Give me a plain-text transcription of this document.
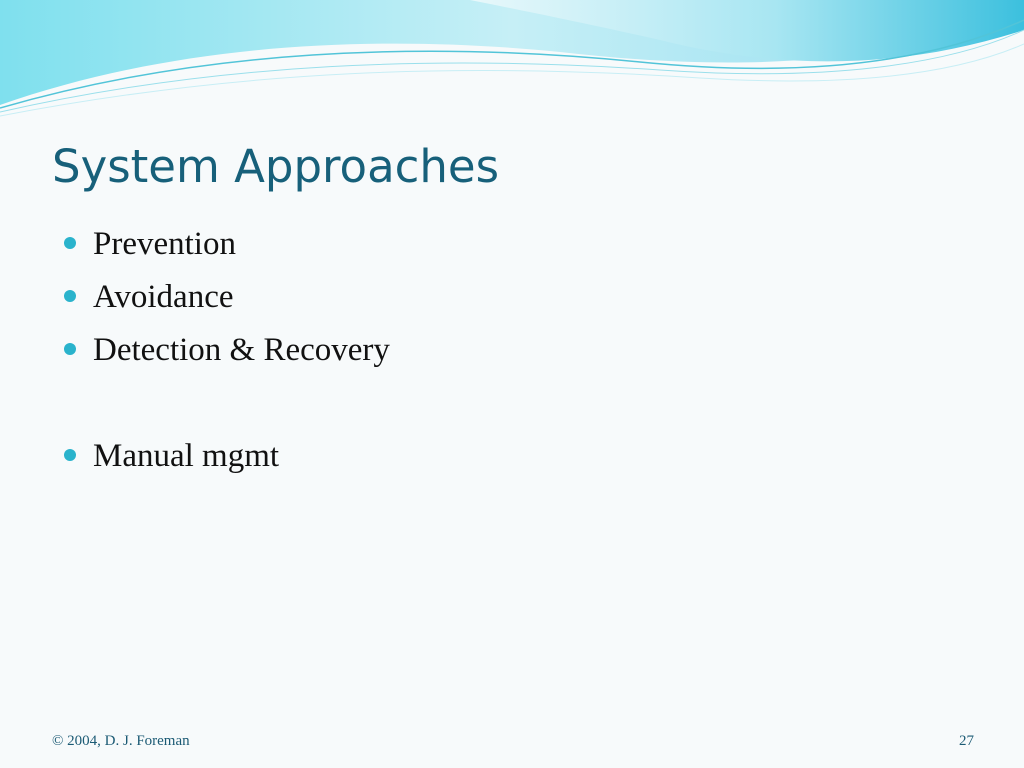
System Approaches
Prevention
Avoidance
Detection & Recovery
Manual mgmt
© 2004, D. J. Foreman	27
